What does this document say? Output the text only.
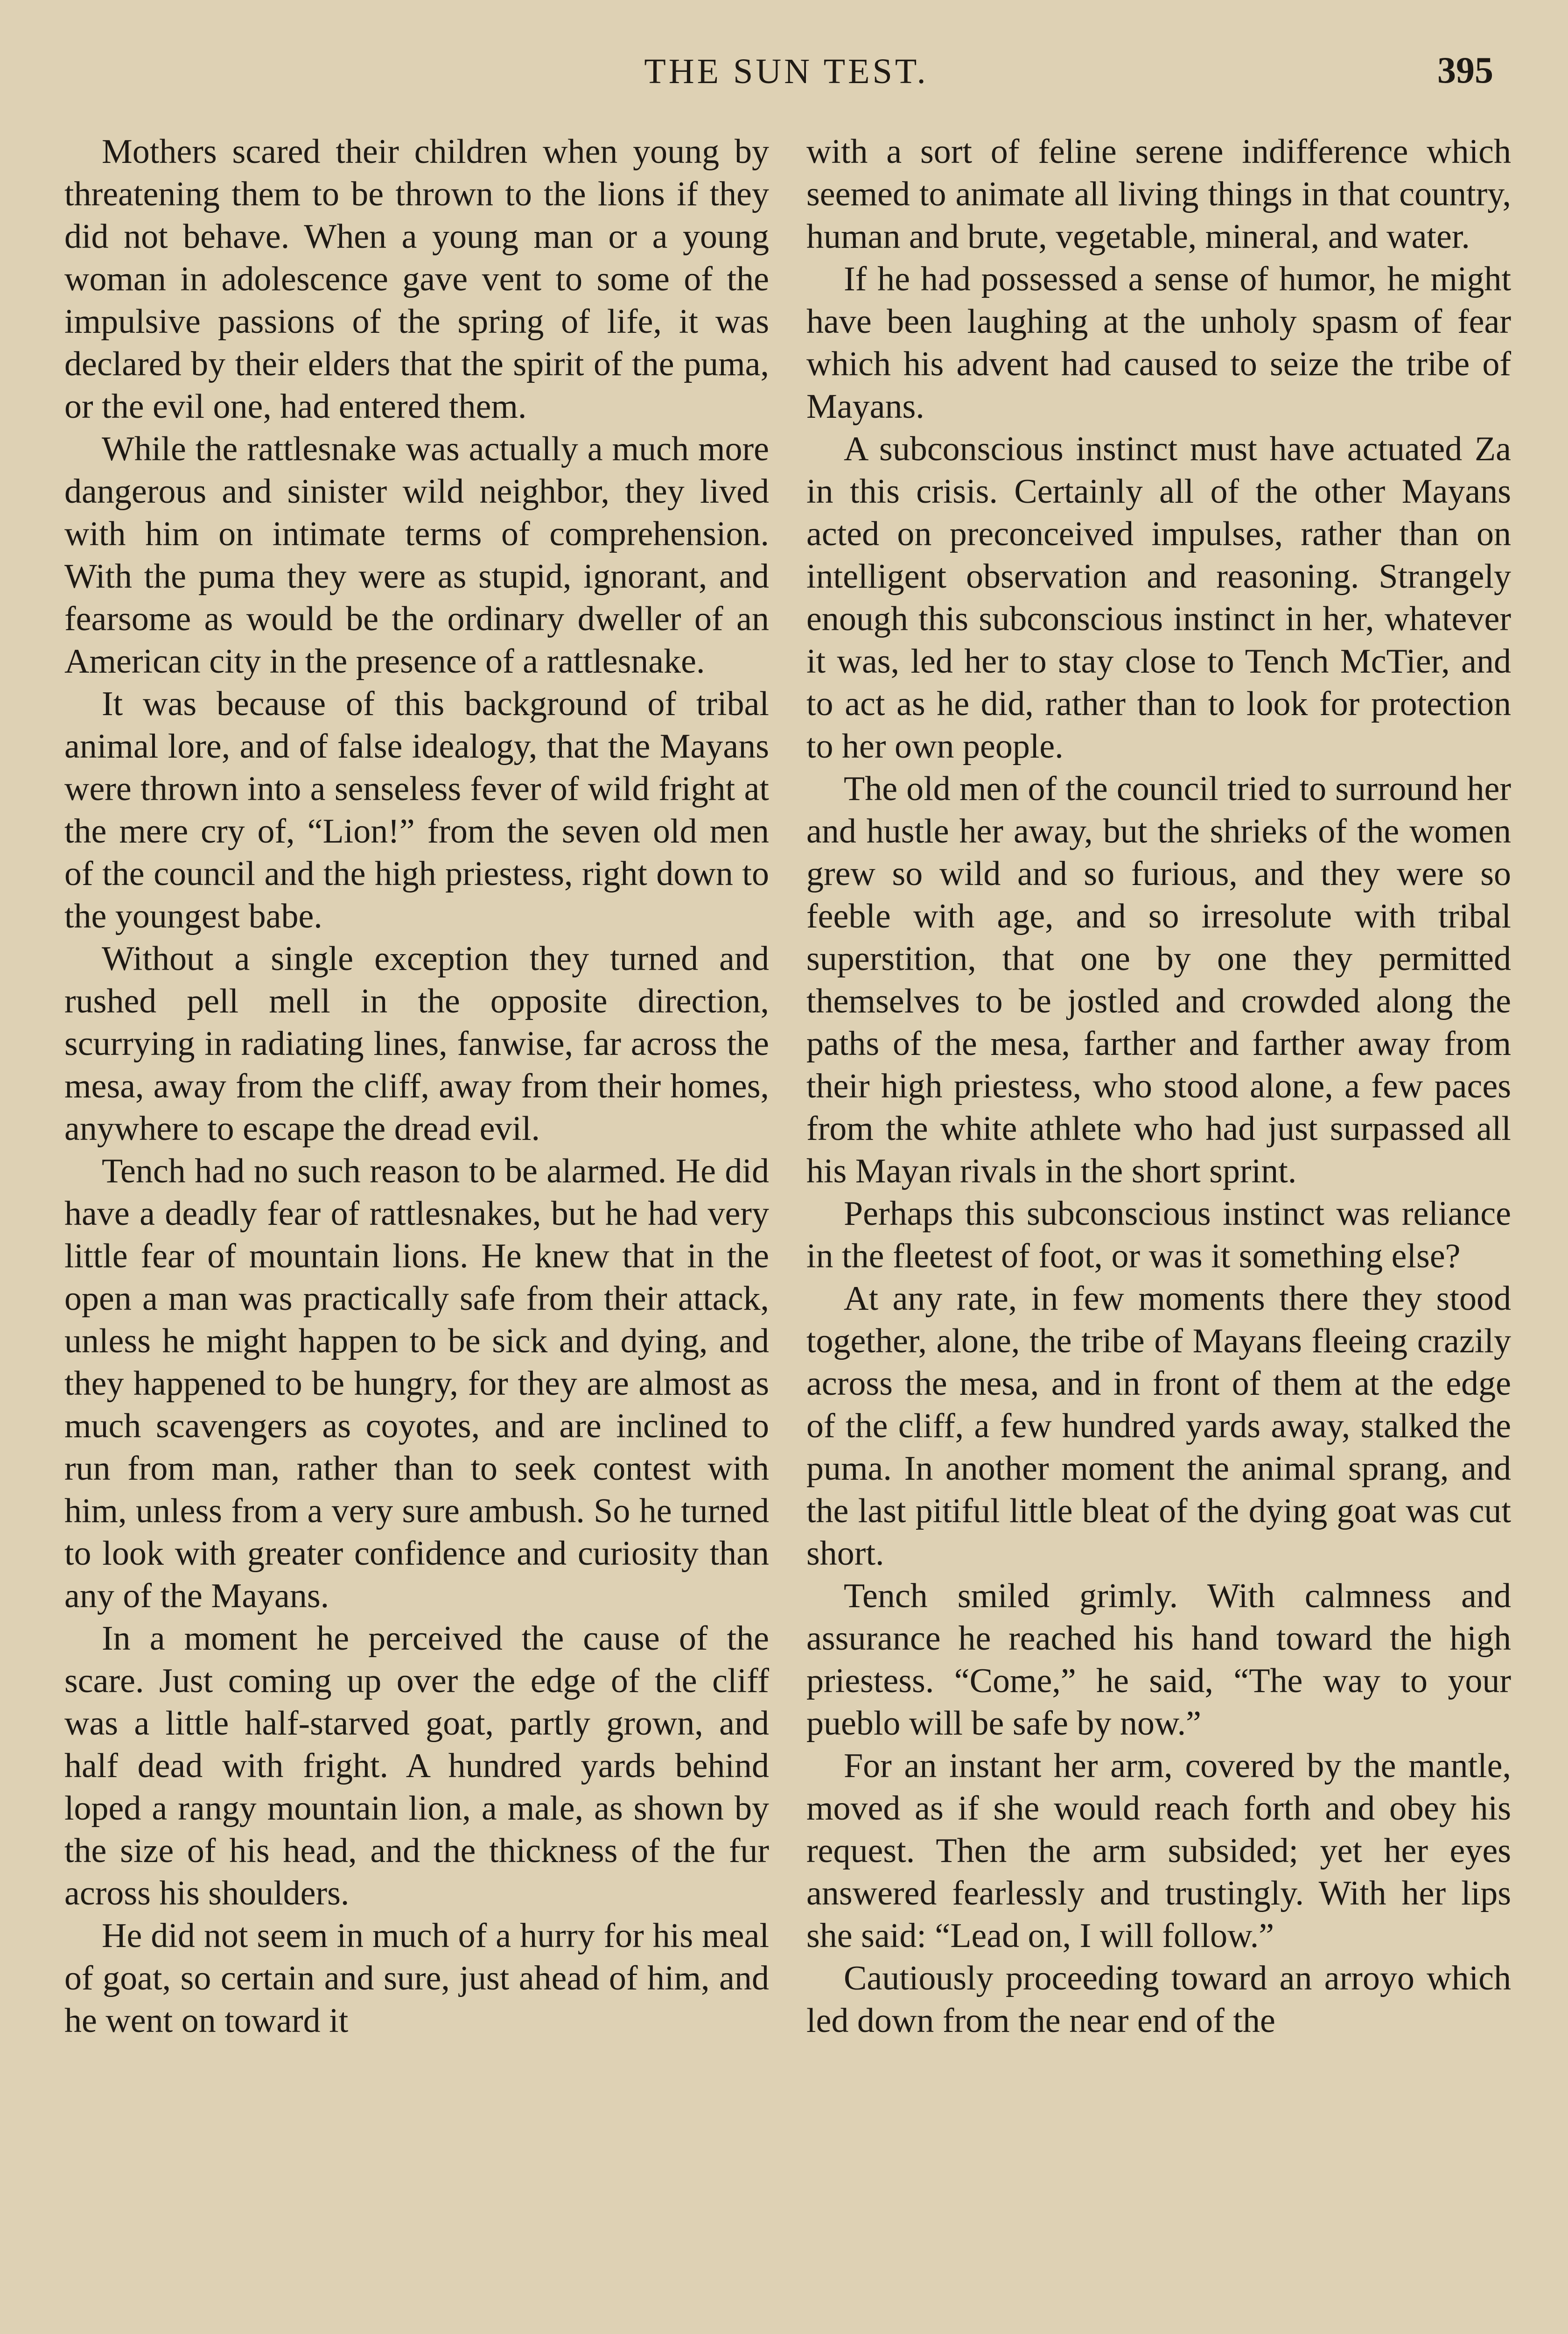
THE SUN TEST.	395

Mothers scared their children when young by threatening them to be thrown to the lions if they did not behave. When a young man or a young woman in adolescence gave vent to some of the impulsive passions of the spring of life, it was declared by their elders that the spirit of the puma, or the evil one, had entered them.

While the rattlesnake was actually a much more dangerous and sinister wild neighbor, they lived with him on intimate terms of comprehension. With the puma they were as stupid, ignorant, and fearsome as would be the ordinary dweller of an American city in the presence of a rattlesnake.

It was because of this background of tribal animal lore, and of false idealogy, that the Mayans were thrown into a senseless fever of wild fright at the mere cry of, “Lion!” from the seven old men of the council and the high priestess, right down to the youngest babe.

Without a single exception they turned and rushed pell mell in the opposite direction, scurrying in radiating lines, fanwise, far across the mesa, away from the cliff, away from their homes, anywhere to escape the dread evil.

Tench had no such reason to be alarmed. He did have a deadly fear of rattlesnakes, but he had very little fear of mountain lions. He knew that in the open a man was practically safe from their attack, unless he might happen to be sick and dying, and they happened to be hungry, for they are almost as much scavengers as coyotes, and are inclined to run from man, rather than to seek contest with him, unless from a very sure ambush. So he turned to look with greater confidence and curiosity than any of the Mayans.

In a moment he perceived the cause of the scare. Just coming up over the edge of the cliff was a little half-starved goat, partly grown, and half dead with fright. A hundred yards behind loped a rangy mountain lion, a male, as shown by the size of his head, and the thickness of the fur across his shoulders.

He did not seem in much of a hurry for his meal of goat, so certain and sure, just ahead of him, and he went on toward it

with a sort of feline serene indifference which seemed to animate all living things in that country, human and brute, vegetable, mineral, and water.

If he had possessed a sense of humor, he might have been laughing at the unholy spasm of fear which his advent had caused to seize the tribe of Mayans.

A subconscious instinct must have actuated Za in this crisis. Certainly all of the other Mayans acted on preconceived impulses, rather than on intelligent observation and reasoning. Strangely enough this subconscious instinct in her, whatever it was, led her to stay close to Tench McTier, and to act as he did, rather than to look for protection to her own people.

The old men of the council tried to surround her and hustle her away, but the shrieks of the women grew so wild and so furious, and they were so feeble with age, and so irresolute with tribal superstition, that one by one they permitted themselves to be jostled and crowded along the paths of the mesa, farther and farther away from their high priestess, who stood alone, a few paces from the white athlete who had just surpassed all his Mayan rivals in the short sprint.

Perhaps this subconscious instinct was reliance in the fleetest of foot, or was it something else?

At any rate, in few moments there they stood together, alone, the tribe of Mayans fleeing crazily across the mesa, and in front of them at the edge of the cliff, a few hundred yards away, stalked the puma. In another moment the animal sprang, and the last pitiful little bleat of the dying goat was cut short.

Tench smiled grimly. With calmness and assurance he reached his hand toward the high priestess. “Come,” he said, “The way to your pueblo will be safe by now.”

For an instant her arm, covered by the mantle, moved as if she would reach forth and obey his request. Then the arm subsided; yet her eyes answered fearlessly and trustingly. With her lips she said: “Lead on, I will follow.”

Cautiously proceeding toward an arroyo which led down from the near end of the
